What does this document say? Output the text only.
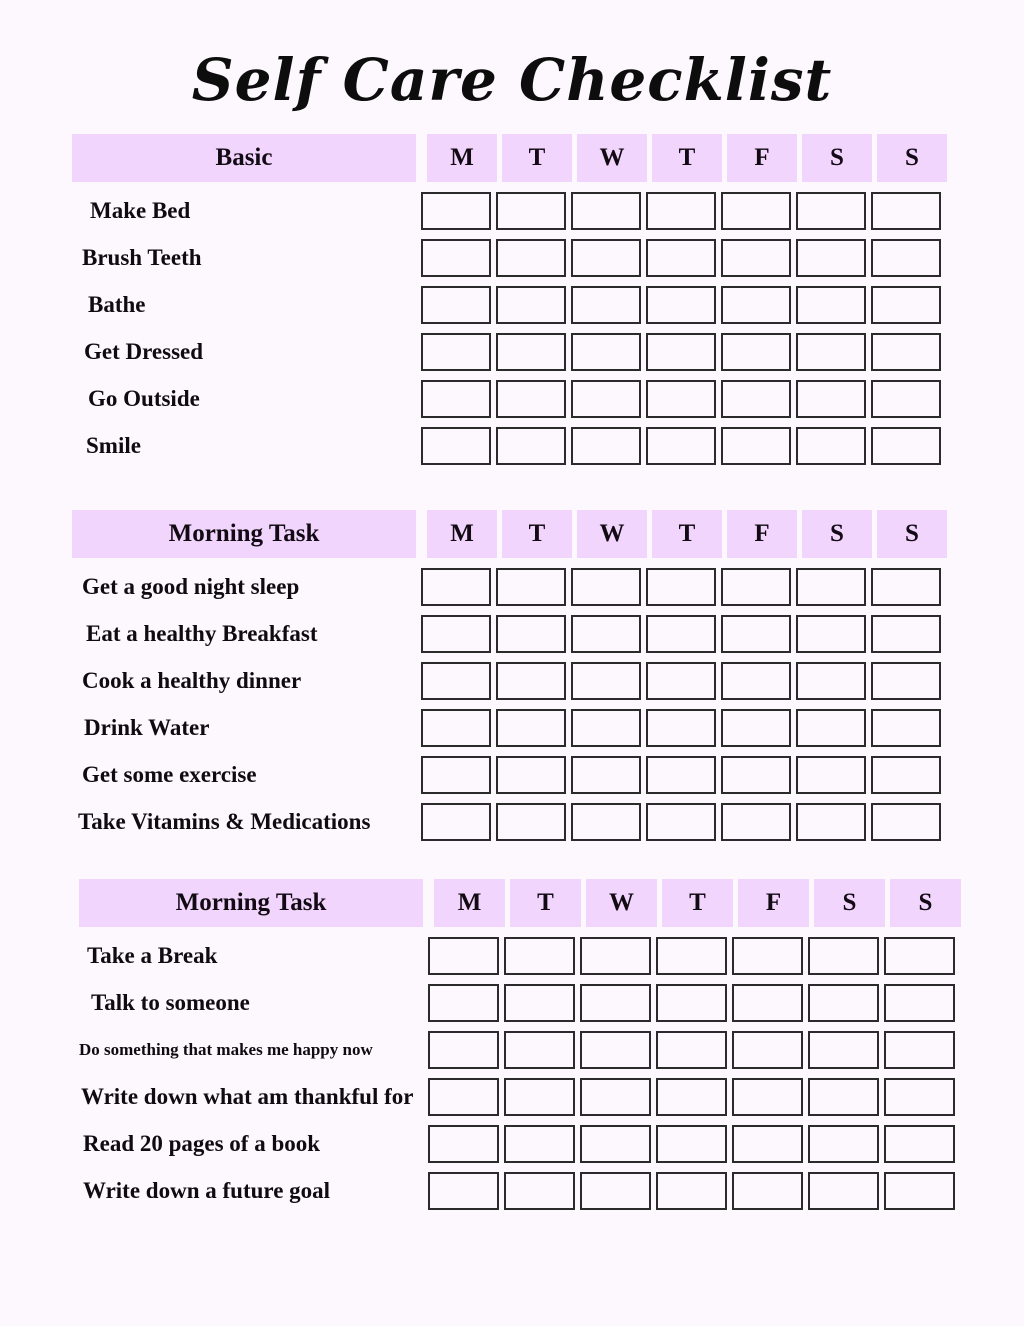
Self Care Checklist
Basic	M	T	W	T	F	S	S
Make Bed
Brush Teeth
Bathe
Get Dressed
Go Outside
Smile
Morning Task	M	T	W	T	F	S	S
Get a good night sleep
Eat a healthy Breakfast
Cook a healthy dinner
Drink Water
Get some exercise
Take Vitamins & Medications
Morning Task	M	T	W	T	F	S	S
Take a Break
Talk to someone
Do something that makes me happy now
Write down what am thankful for
Read 20 pages of a book
Write down a future goal
